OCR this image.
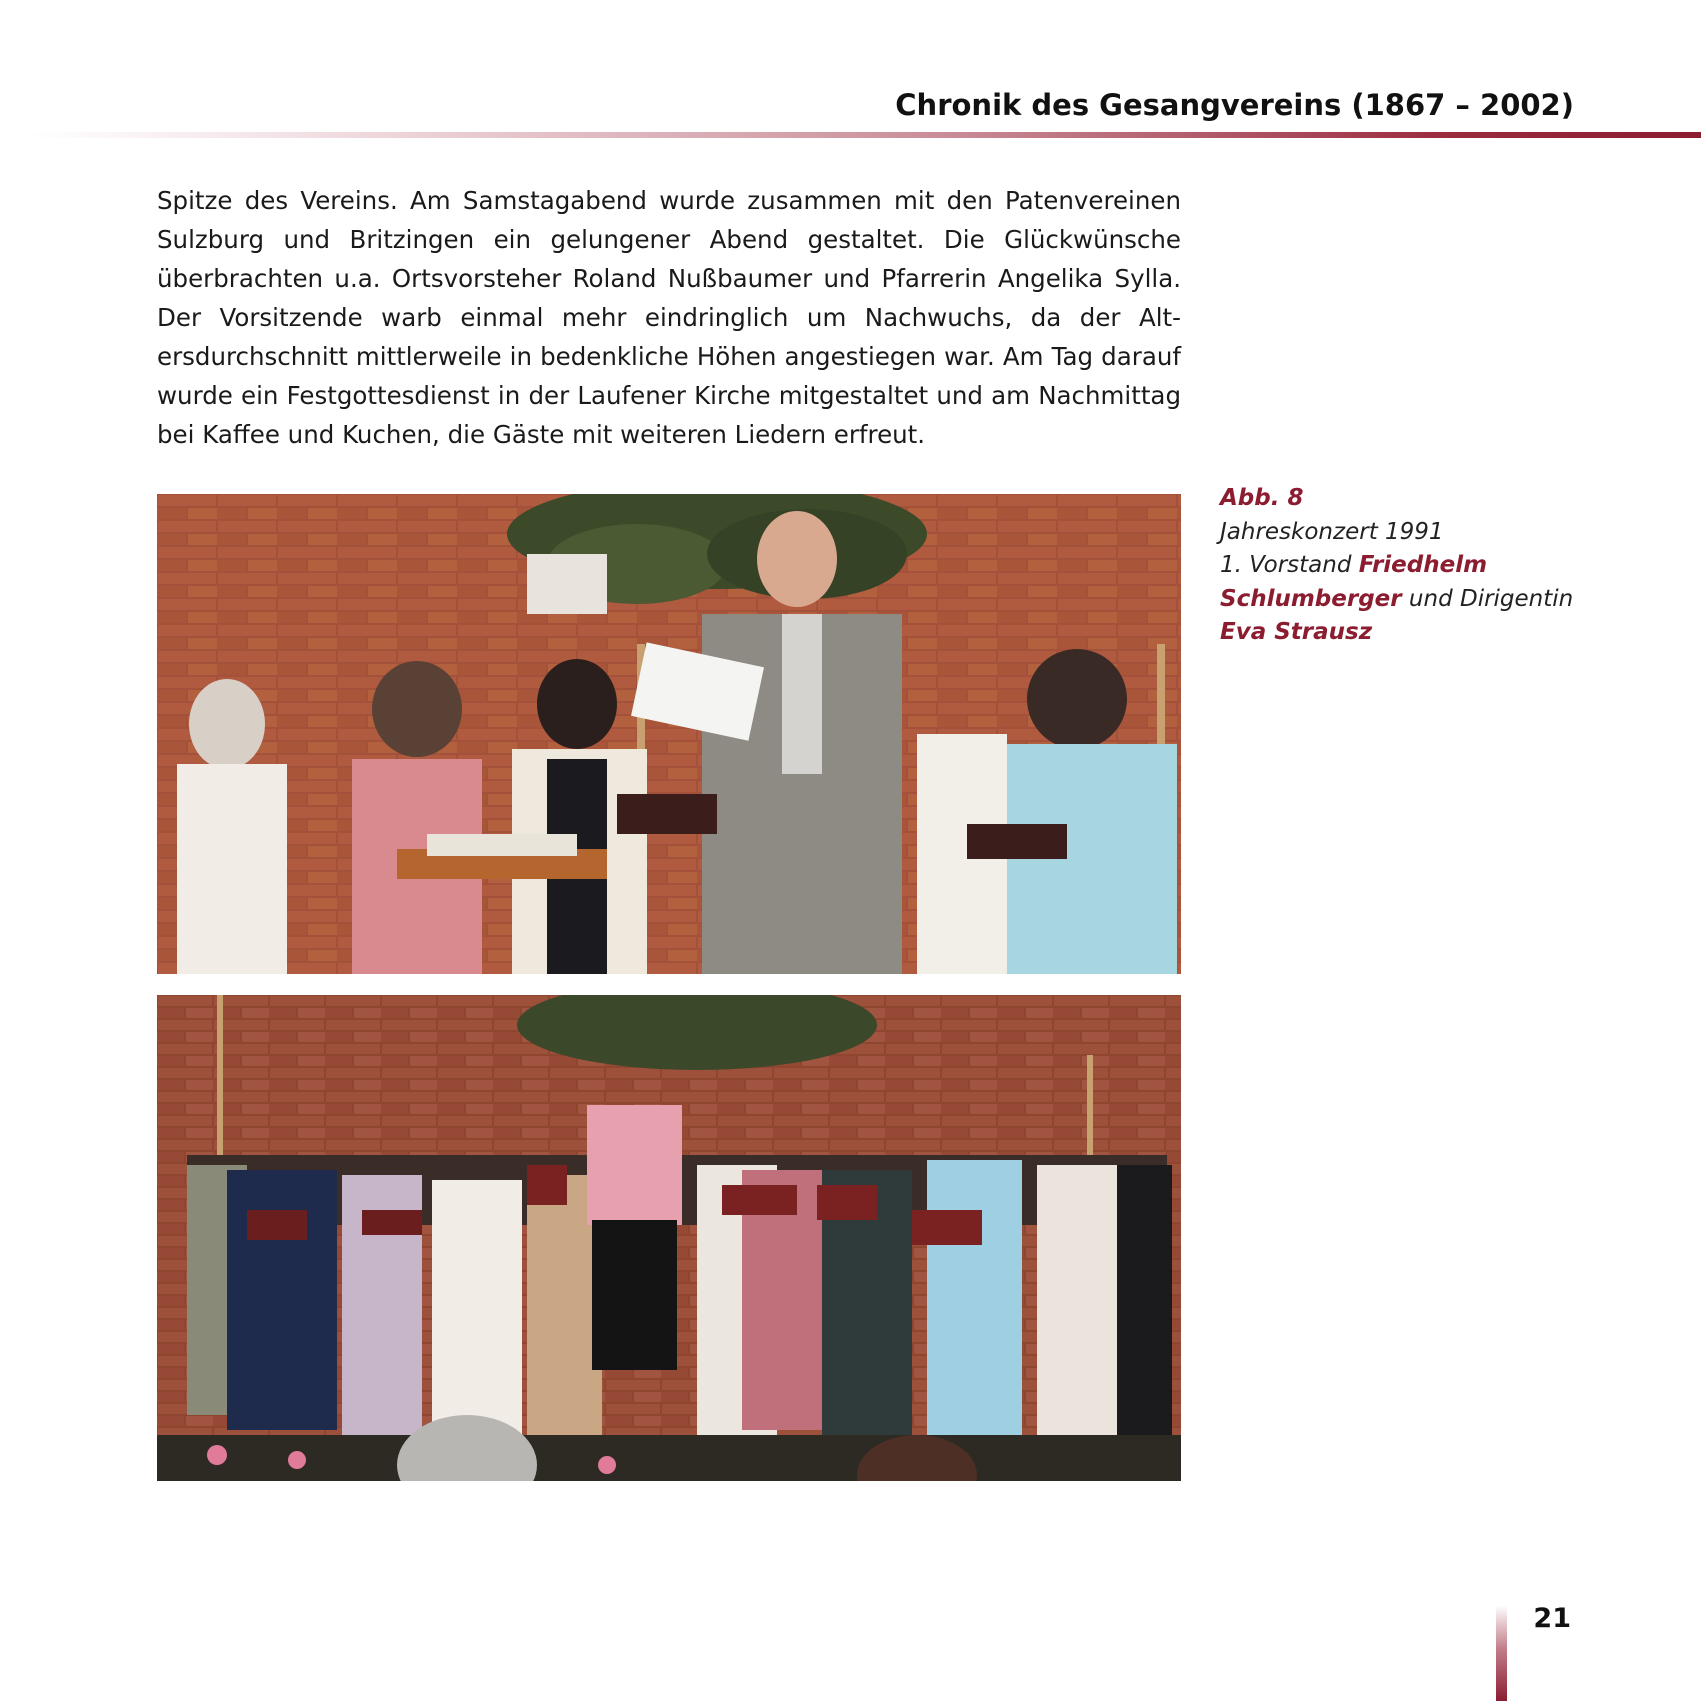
Chronik des Gesangvereins (1867 – 2002)

Spitze des Vereins. Am Samstagabend wurde zusammen mit den Patenvereinen Sulzburg und Britzingen ein gelungener Abend gestaltet. Die Glückwünsche überbrachten u.a. Ortsvorsteher Roland Nußbaumer und Pfarrerin Angelika Sylla. Der Vorsitzende warb einmal mehr eindringlich um Nachwuchs, da der Altersdurchschnitt mittlerweile in bedenkliche Höhen angestiegen war. Am Tag darauf wurde ein Festgottesdienst in der Laufener Kirche mitgestaltet und am Nachmittag bei Kaffee und Kuchen, die Gäste mit weiteren Liedern erfreut.

Abb. 8
Jahreskonzert 1991
1. Vorstand Friedhelm
Schlumberger und Dirigentin
Eva Strausz
21
